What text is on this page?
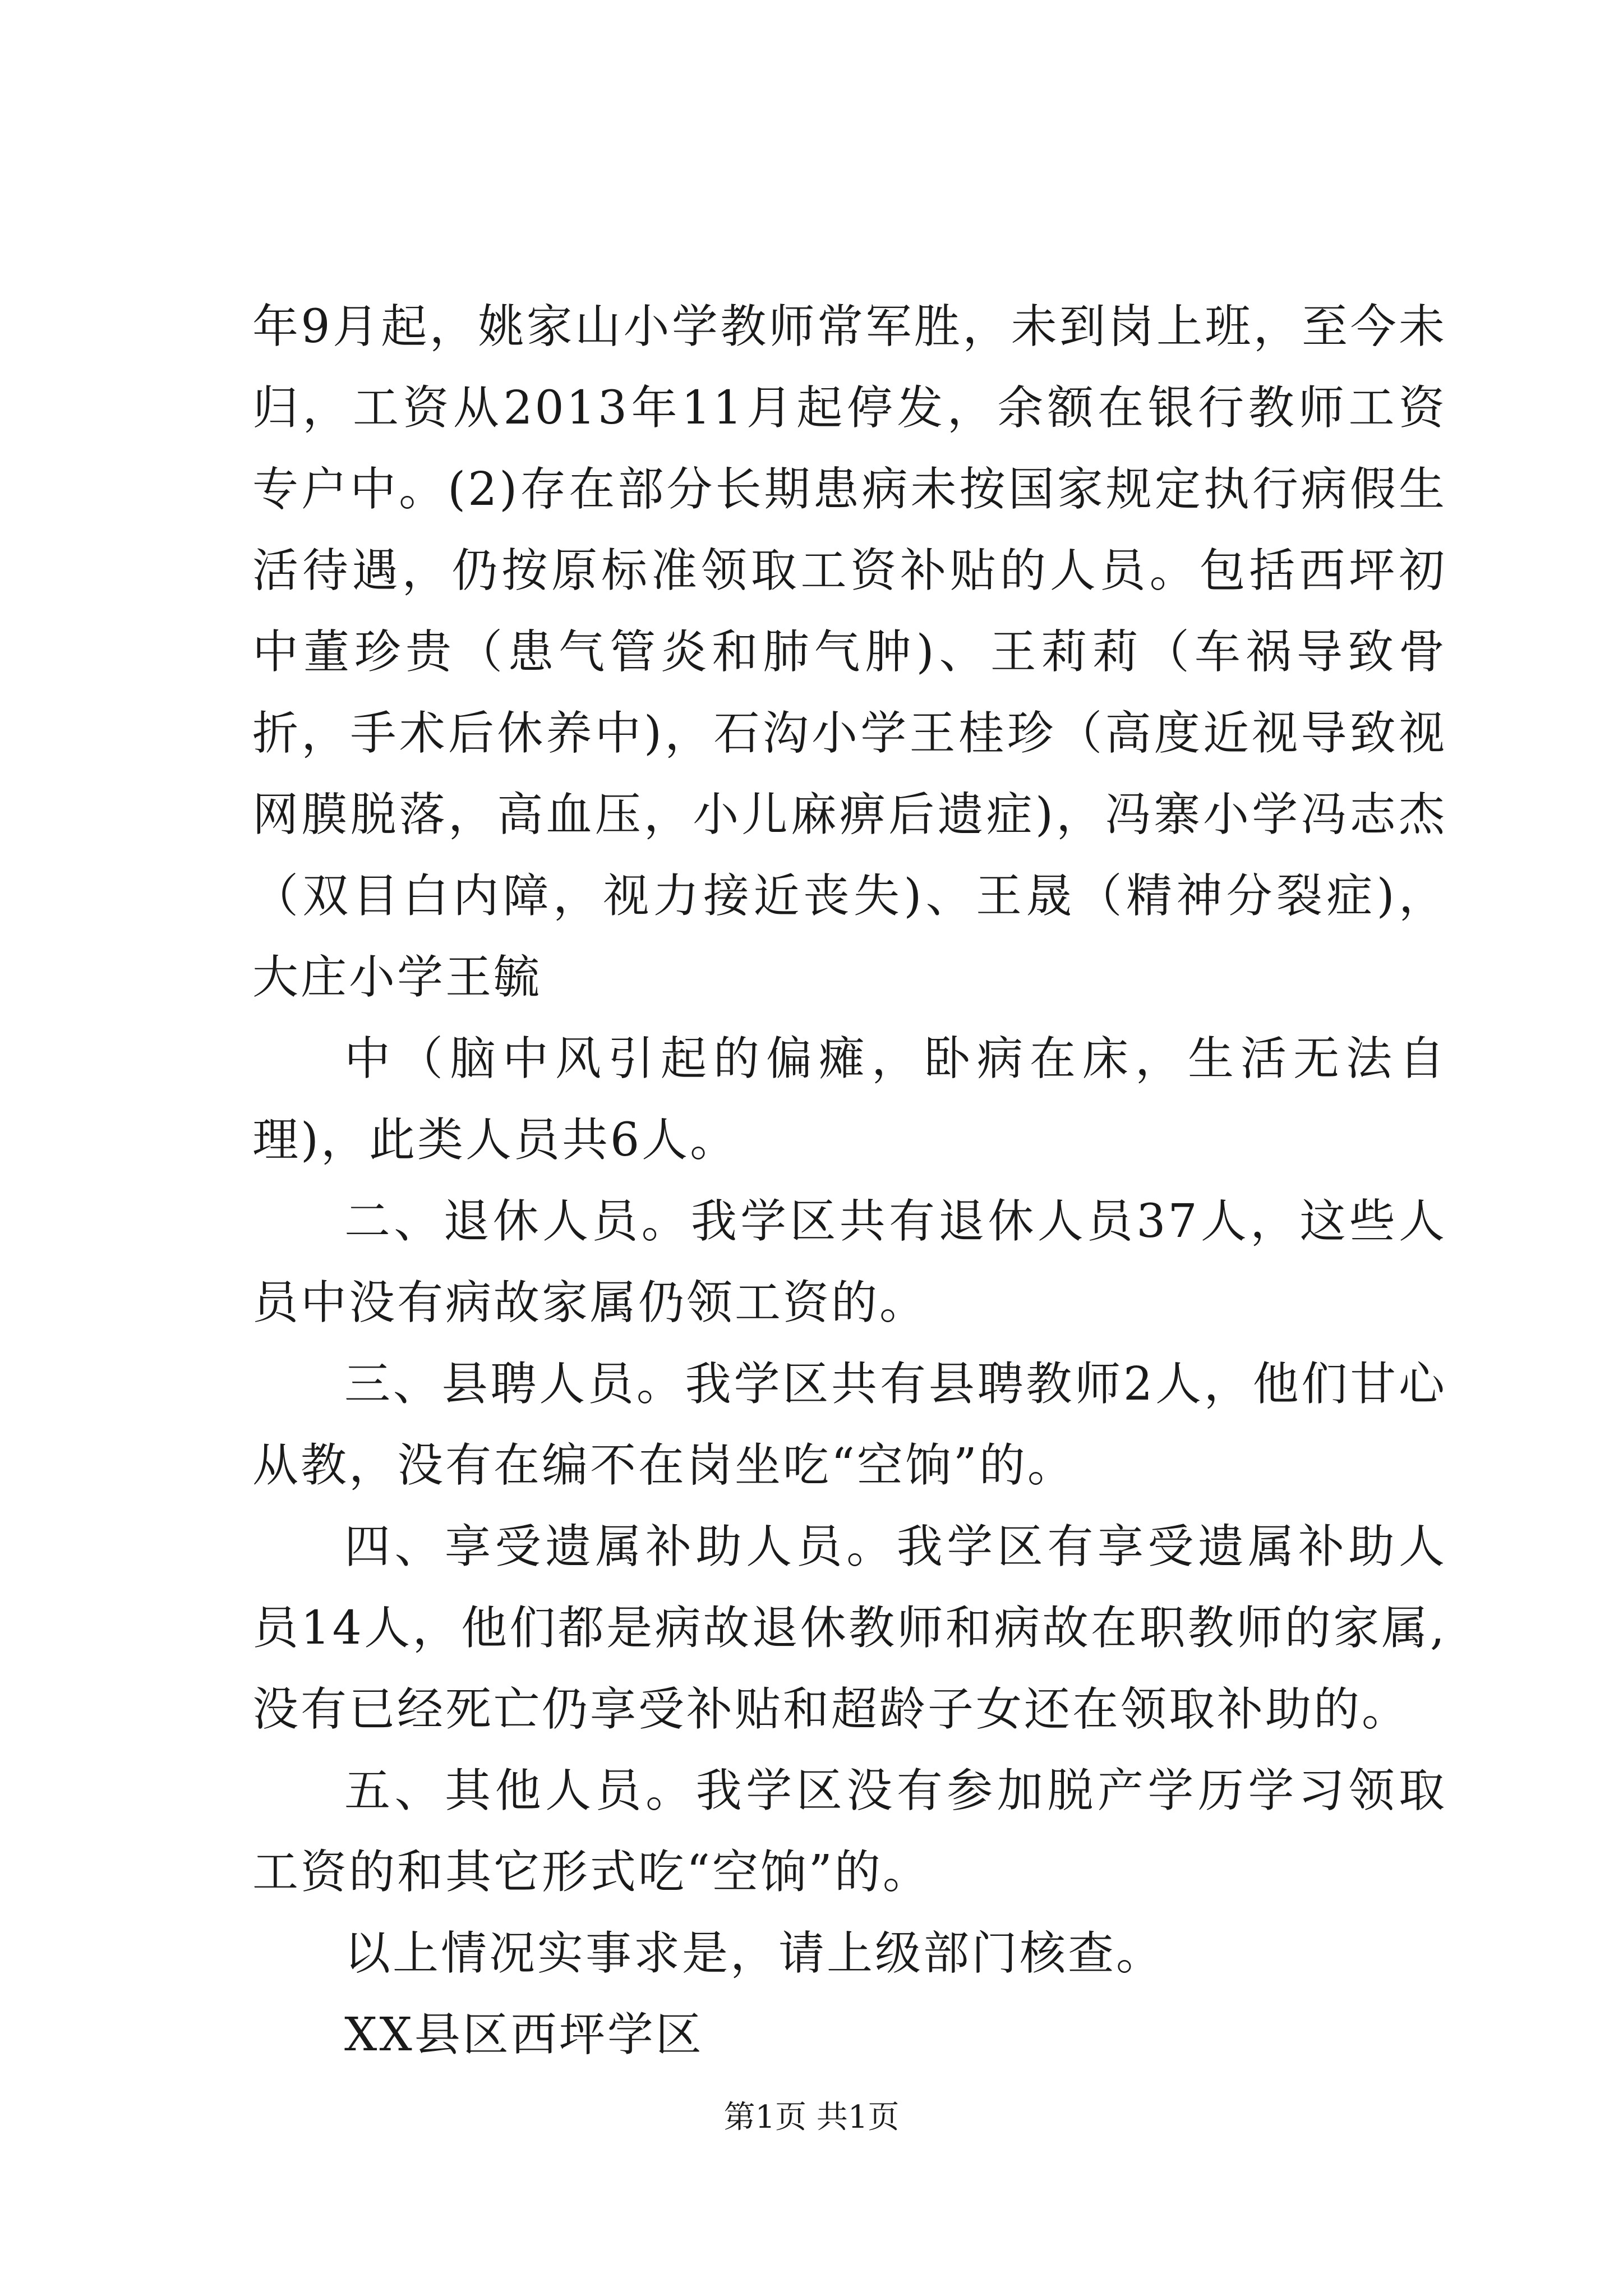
年9月起，姚家山小学教师常军胜，未到岗上班，至今未归，工资从2013年11月起停发，余额在银行教师工资专户中。(2)存在部分长期患病未按国家规定执行病假生活待遇，仍按原标准领取工资补贴的人员。包括西坪初中董珍贵（患气管炎和肺气肿)、王莉莉（车祸导致骨折，手术后休养中)，石沟小学王桂珍（高度近视导致视网膜脱落，高血压，小儿麻痹后遗症)，冯寨小学冯志杰（双目白内障，视力接近丧失)、王晟（精神分裂症)，大庄小学王毓

中（脑中风引起的偏瘫，卧病在床，生活无法自理)，此类人员共6人。

二、退休人员。我学区共有退休人员37人，这些人员中没有病故家属仍领工资的。

三、县聘人员。我学区共有县聘教师2人，他们甘心从教，没有在编不在岗坐吃“空饷”的。

四、享受遗属补助人员。我学区有享受遗属补助人员14人，他们都是病故退休教师和病故在职教师的家属,没有已经死亡仍享受补贴和超龄子女还在领取补助的。

五、其他人员。我学区没有参加脱产学历学习领取工资的和其它形式吃“空饷”的。

以上情况实事求是，请上级部门核查。

XX县区西坪学区

第1页 共1页
